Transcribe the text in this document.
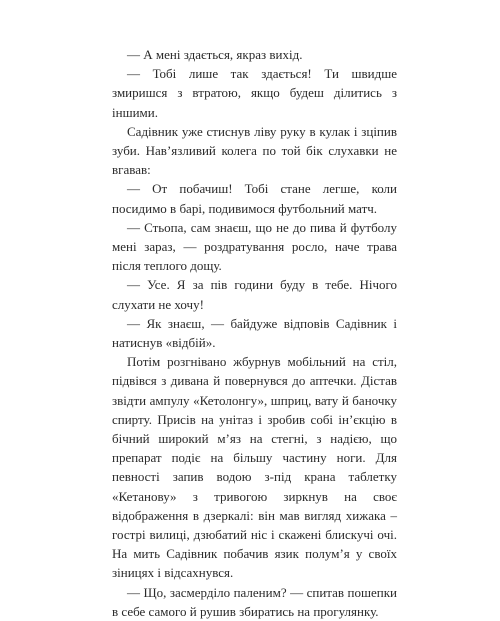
— А мені здається, якраз вихід.

— Тобі лише так здається! Ти швидше змиришся з втратою, якщо будеш ділитись з іншими.

Садівник уже стиснув ліву руку в кулак і зціпив зуби. Нав’язливий колега по той бік слухавки не вгавав:

— От побачиш! Тобі стане легше, коли посидимо в барі, подивимося футбольний матч.

— Стьопа, сам знаєш, що не до пива й футболу мені зараз, — роздратування росло, наче трава після теплого дощу.

— Усе. Я за пів години буду в тебе. Нічого слухати не хочу!

— Як знаєш, — байдуже відповів Садівник і натиснув «відбій».

Потім розгнівано жбурнув мобільний на стіл, підвівся з дивана й повернувся до аптечки. Дістав звідти ампулу «Кетолонгу», шприц, вату й баночку спирту. Присів на унітаз і зробив собі ін’єкцію в бічний широкий м’яз на стегні, з надією, що препарат подіє на більшу частину ноги. Для певності запив водою з-під крана таблетку «Кетанову» з тривогою зиркнув на своє відображення в дзеркалі: він мав вигляд хижака – гострі вилиці, дзюбатий ніс і скажені блискучі очі. На мить Садівник побачив язик полум’я у своїх зіницях і відсахнувся.

— Що, засмерділо паленим? — спитав пошепки в себе самого й рушив збиратись на прогулянку.
